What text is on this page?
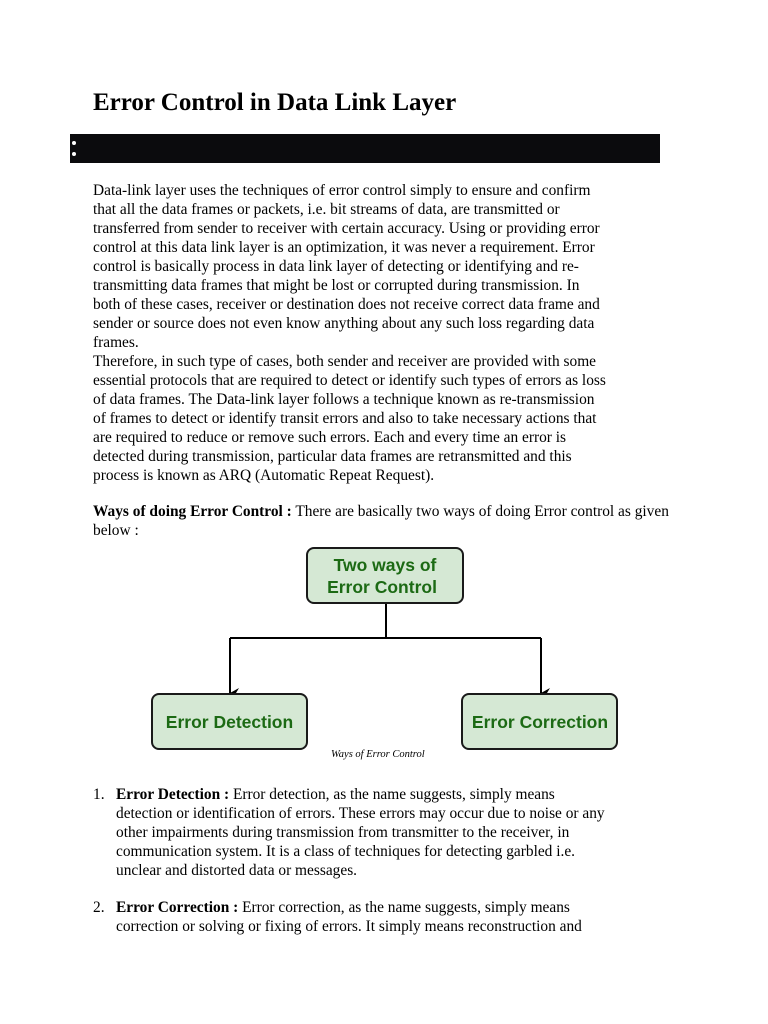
Error Control in Data Link Layer

Data-link layer uses the techniques of error control simply to ensure and confirm
that all the data frames or packets, i.e. bit streams of data, are transmitted or
transferred from sender to receiver with certain accuracy. Using or providing error
control at this data link layer is an optimization, it was never a requirement. Error
control is basically process in data link layer of detecting or identifying and re-
transmitting data frames that might be lost or corrupted during transmission. In
both of these cases, receiver or destination does not receive correct data frame and
sender or source does not even know anything about any such loss regarding data
frames.
Therefore, in such type of cases, both sender and receiver are provided with some
essential protocols that are required to detect or identify such types of errors as loss
of data frames. The Data-link layer follows a technique known as re-transmission
of frames to detect or identify transit errors and also to take necessary actions that
are required to reduce or remove such errors. Each and every time an error is
detected during transmission, particular data frames are retransmitted and this
process is known as ARQ (Automatic Repeat Request).

Ways of doing Error Control : There are basically two ways of doing Error control as given below :

Two ways of
Error Control
Error Detection	Error Correction

Ways of Error Control

1. Error Detection : Error detection, as the name suggests, simply means
detection or identification of errors. These errors may occur due to noise or any
other impairments during transmission from transmitter to the receiver, in
communication system. It is a class of techniques for detecting garbled i.e.
unclear and distorted data or messages.
2. Error Correction : Error correction, as the name suggests, simply means
correction or solving or fixing of errors. It simply means reconstruction and
